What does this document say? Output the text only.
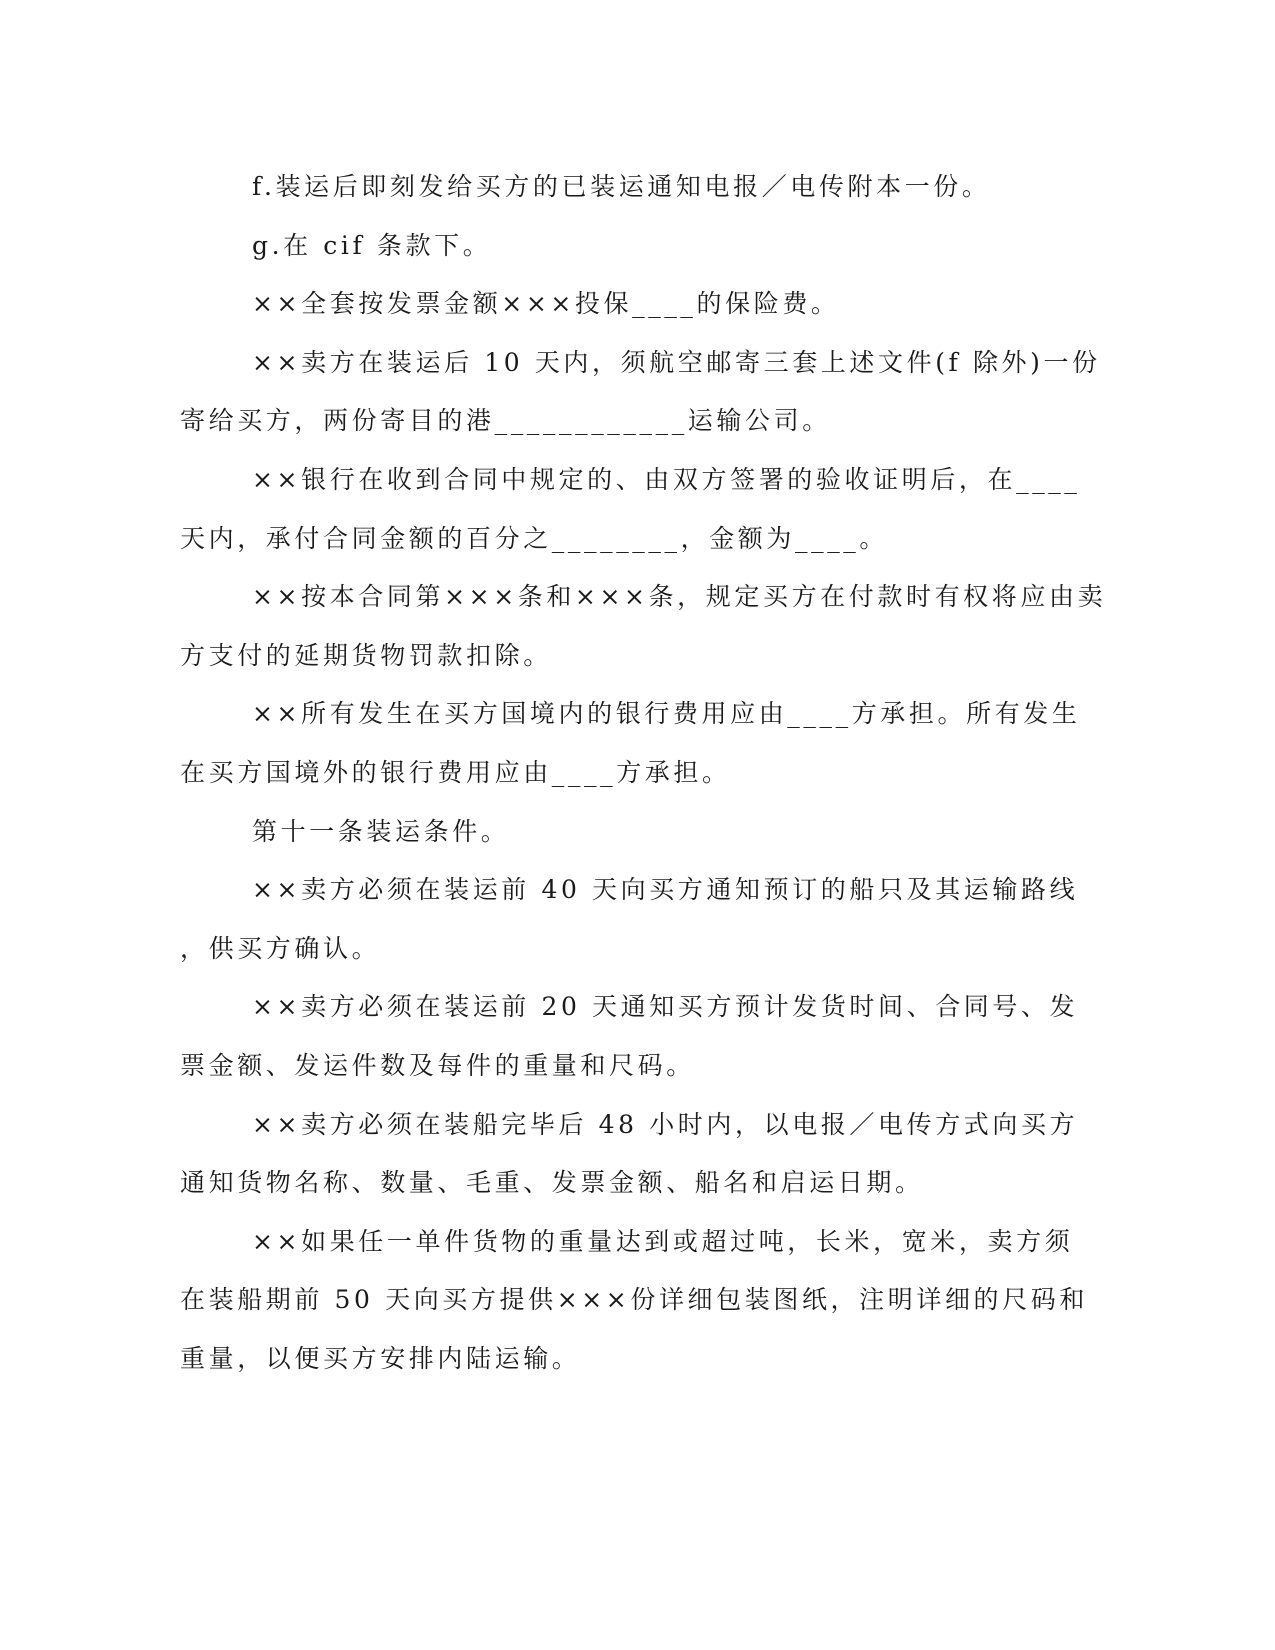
f.装运后即刻发给买方的已装运通知电报／电传附本一份。
g.在 cif 条款下。
××全套按发票金额×××投保____的保险费。
××卖方在装运后 10 天内，须航空邮寄三套上述文件(f 除外)一份
寄给买方，两份寄目的港____________运输公司。
××银行在收到合同中规定的、由双方签署的验收证明后，在____
天内，承付合同金额的百分之________，金额为____。
××按本合同第×××条和×××条，规定买方在付款时有权将应由卖
方支付的延期货物罚款扣除。
××所有发生在买方国境内的银行费用应由____方承担。所有发生
在买方国境外的银行费用应由____方承担。
第十一条装运条件。
××卖方必须在装运前 40 天向买方通知预订的船只及其运输路线
，供买方确认。
××卖方必须在装运前 20 天通知买方预计发货时间、合同号、发
票金额、发运件数及每件的重量和尺码。
××卖方必须在装船完毕后 48 小时内，以电报／电传方式向买方
通知货物名称、数量、毛重、发票金额、船名和启运日期。
××如果任一单件货物的重量达到或超过吨，长米，宽米，卖方须
在装船期前 50 天向买方提供×××份详细包装图纸，注明详细的尺码和
重量，以便买方安排内陆运输。
